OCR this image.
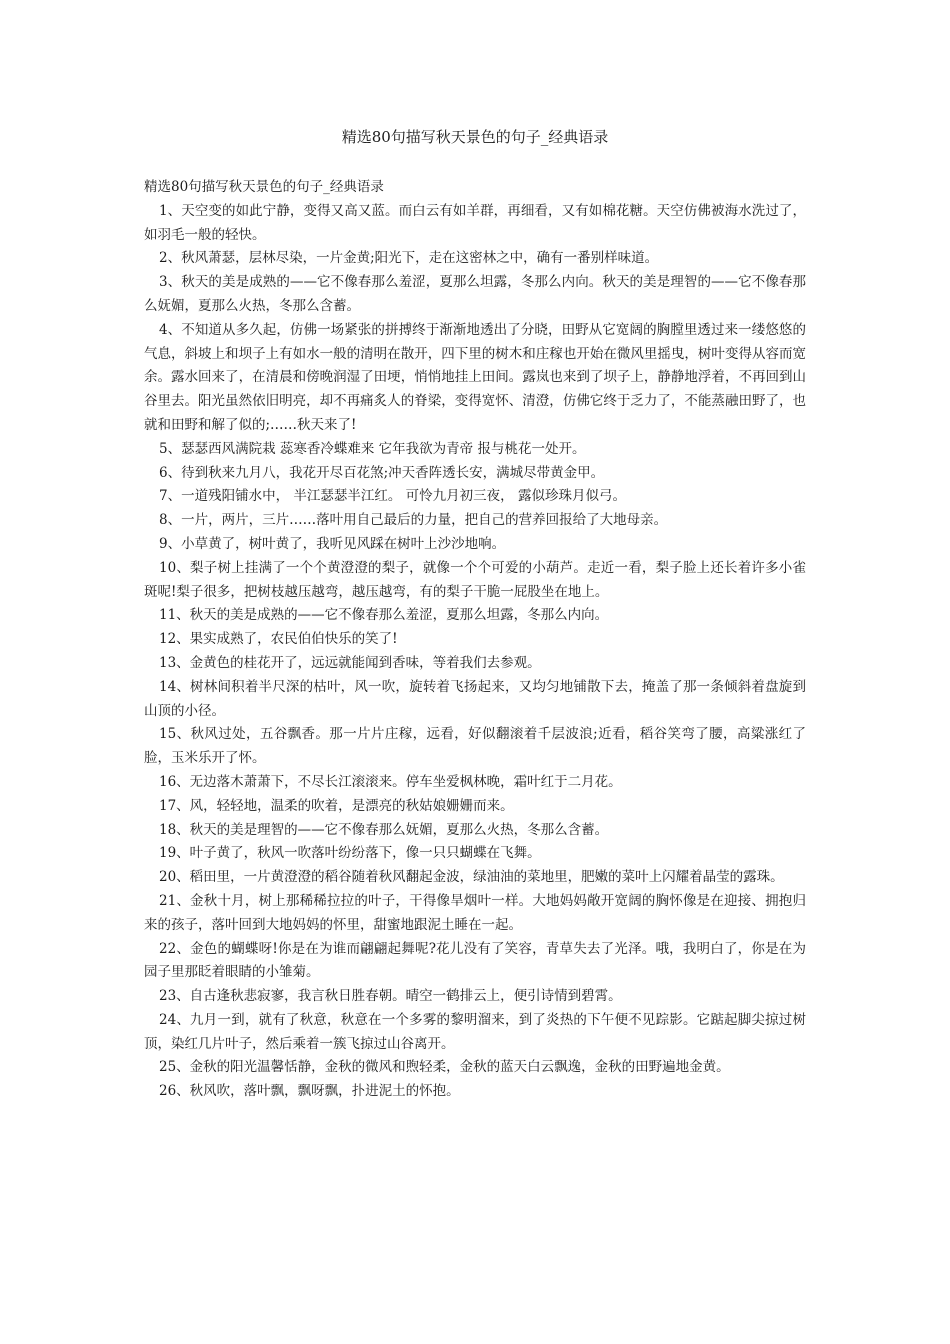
精选80句描写秋天景色的句子_经典语录

精选80句描写秋天景色的句子_经典语录

1、天空变的如此宁静，变得又高又蓝。而白云有如羊群，再细看，又有如棉花糖。天空仿佛被海水洗过了，如羽毛一般的轻快。

2、秋风萧瑟，层林尽染，一片金黄;阳光下，走在这密林之中，确有一番别样味道。

3、秋天的美是成熟的——它不像春那么羞涩，夏那么坦露，冬那么内向。秋天的美是理智的——它不像春那么妩媚，夏那么火热，冬那么含蓄。

4、不知道从多久起，仿佛一场紧张的拼搏终于渐渐地透出了分晓，田野从它宽阔的胸膛里透过来一缕悠悠的气息，斜坡上和坝子上有如水一般的清明在散开，四下里的树木和庄稼也开始在微风里摇曳，树叶变得从容而宽余。露水回来了，在清晨和傍晚润湿了田埂，悄悄地挂上田间。露岚也来到了坝子上，静静地浮着，不再回到山谷里去。阳光虽然依旧明亮，却不再痛炙人的脊梁，变得宽怀、清澄，仿佛它终于乏力了，不能蒸融田野了，也就和田野和解了似的;……秋天来了!

5、瑟瑟西风满院栽 蕊寒香冷蝶难来 它年我欲为青帝 报与桃花一处开。

6、待到秋来九月八，我花开尽百花煞;冲天香阵透长安，满城尽带黄金甲。

7、一道残阳铺水中， 半江瑟瑟半江红。 可怜九月初三夜， 露似珍珠月似弓。

8、一片，两片，三片……落叶用自己最后的力量，把自己的营养回报给了大地母亲。

9、小草黄了，树叶黄了，我听见风踩在树叶上沙沙地响。

10、梨子树上挂满了一个个黄澄澄的梨子，就像一个个可爱的小葫芦。走近一看，梨子脸上还长着许多小雀斑呢!梨子很多，把树枝越压越弯，越压越弯，有的梨子干脆一屁股坐在地上。

11、秋天的美是成熟的——它不像春那么羞涩，夏那么坦露，冬那么内向。

12、果实成熟了，农民伯伯快乐的笑了!

13、金黄色的桂花开了，远远就能闻到香味，等着我们去参观。

14、树林间积着半尺深的枯叶，风一吹，旋转着飞扬起来，又均匀地铺散下去，掩盖了那一条倾斜着盘旋到山顶的小径。

15、秋风过处，五谷飘香。那一片片庄稼，远看，好似翻滚着千层波浪;近看，稻谷笑弯了腰，高粱涨红了脸，玉米乐开了怀。

16、无边落木萧萧下，不尽长江滚滚来。停车坐爱枫林晚，霜叶红于二月花。

17、风，轻轻地，温柔的吹着，是漂亮的秋姑娘姗姗而来。

18、秋天的美是理智的——它不像春那么妩媚，夏那么火热，冬那么含蓄。

19、叶子黄了，秋风一吹落叶纷纷落下，像一只只蝴蝶在飞舞。

20、稻田里，一片黄澄澄的稻谷随着秋风翻起金波，绿油油的菜地里，肥嫩的菜叶上闪耀着晶莹的露珠。

21、金秋十月，树上那稀稀拉拉的叶子，干得像旱烟叶一样。大地妈妈敞开宽阔的胸怀像是在迎接、拥抱归来的孩子，落叶回到大地妈妈的怀里，甜蜜地跟泥土睡在一起。

22、金色的蝴蝶呀!你是在为谁而翩翩起舞呢?花儿没有了笑容，青草失去了光泽。哦，我明白了，你是在为园子里那眨着眼睛的小雏菊。

23、自古逢秋悲寂寥，我言秋日胜春朝。晴空一鹤排云上，便引诗情到碧霄。

24、九月一到，就有了秋意，秋意在一个多雾的黎明溜来，到了炎热的下午便不见踪影。它踮起脚尖掠过树顶，染红几片叶子，然后乘着一簇飞掠过山谷离开。

25、金秋的阳光温馨恬静，金秋的微风和煦轻柔，金秋的蓝天白云飘逸，金秋的田野遍地金黄。

26、秋风吹，落叶飘，飘呀飘，扑进泥土的怀抱。
